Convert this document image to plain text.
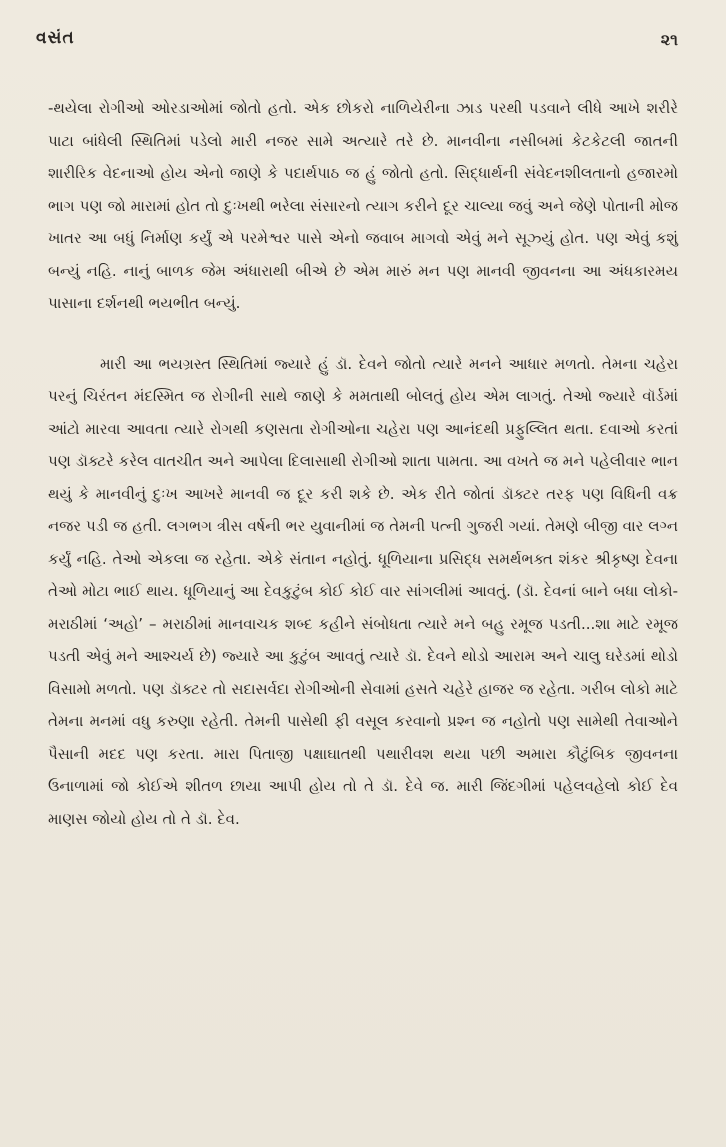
વસંત	૨૧

-થયેલા રોગીઓ ઓરડાઓમાં જોતો હતો. એક છોકરો નાળિયેરીના ઝાડ પરથી પડવાને લીધે આખે શરીરે પાટા બાંધેલી સ્થિતિમાં પડેલો મારી નજર સામે અત્યારે તરે છે. માનવીના નસીબમાં કેટકેટલી જાતની શારીરિક વેદનાઓ હોય એનો જાણે કે પદાર્થપાઠ જ હું જોતો હતો. સિદ્ધાર્થની સંવેદનશીલતાનો હજારમો ભાગ પણ જો મારામાં હોત તો દુઃખથી ભરેલા સંસારનો ત્યાગ કરીને દૂર ચાલ્યા જવું અને જેણે પોતાની મોજ ખાતર આ બધું નિર્માણ કર્યું એ પરમેશ્વર પાસે એનો જવાબ માગવો એવું મને સૂઝ્યું હોત. પણ એવું કશું બન્યું નહિ. નાનું બાળક જેમ અંધારાથી બીએ છે એમ મારું મન પણ માનવી જીવનના આ અંધકારમય પાસાના દર્શનથી ભયભીત બન્યું.

મારી આ ભયગ્રસ્ત સ્થિતિમાં જ્યારે હું ડૉ. દેવને જોતો ત્યારે મનને આધાર મળતો. તેમના ચહેરા પરનું ચિરંતન મંદસ્મિત જ રોગીની સાથે જાણે કે મમતાથી બોલતું હોય એમ લાગતું. તેઓ જ્યારે વૉર્ડમાં આંટો મારવા આવતા ત્યારે રોગથી કણસતા રોગીઓના ચહેરા પણ આનંદથી પ્રફુલ્લિત થતા. દવાઓ કરતાં પણ ડૉક્ટરે કરેલ વાતચીત અને આપેલા દિલાસાથી રોગીઓ શાતા પામતા. આ વખતે જ મને પહેલીવાર ભાન થયું કે માનવીનું દુઃખ આખરે માનવી જ દૂર કરી શકે છે. એક રીતે જોતાં ડૉક્ટર તરફ પણ વિધિની વક્ર નજર પડી જ હતી. લગભગ ત્રીસ વર્ષની ભર યુવાનીમાં જ તેમની પત્ની ગુજરી ગયાં. તેમણે બીજી વાર લગ્ન કર્યું નહિ. તેઓ એકલા જ રહેતા. એકે સંતાન નહોતું. ધૂળિયાના પ્રસિદ્ધ સમર્થભક્ત શંકર શ્રીકૃષ્ણ દેવના તેઓ મોટા ભાઈ થાય. ધૂળિયાનું આ દેવકુટુંબ કોઈ કોઈ વાર સાંગલીમાં આવતું. (ડૉ. દેવનાં બાને બધા લોકો-મરાઠીમાં ‘અહો’ – મરાઠીમાં માનવાચક શબ્દ કહીને સંબોધતા ત્યારે મને બહુ રમૂજ પડતી...શા માટે રમૂજ પડતી એવું મને આશ્ચર્ય છે) જ્યારે આ કુટુંબ આવતું ત્યારે ડૉ. દેવને થોડો આરામ અને ચાલુ ઘરેડમાં થોડો વિસામો મળતો. પણ ડૉક્ટર તો સદાસર્વદા રોગીઓની સેવામાં હસતે ચહેરે હાજર જ રહેતા. ગરીબ લોકો માટે તેમના મનમાં વધુ કરુણા રહેતી. તેમની પાસેથી ફી વસૂલ કરવાનો પ્રશ્ન જ નહોતો પણ સામેથી તેવાઓને પૈસાની મદદ પણ કરતા. મારા પિતાજી પક્ષાઘાતથી પથારીવશ થયા પછી અમારા કૌટુંબિક જીવનના ઉનાળામાં જો કોઈએ શીતળ છાયા આપી હોય તો તે ડૉ. દેવે જ. મારી જિંદગીમાં પહેલવહેલો કોઈ દેવ માણસ જોયો હોય તો તે ડૉ. દેવ.
